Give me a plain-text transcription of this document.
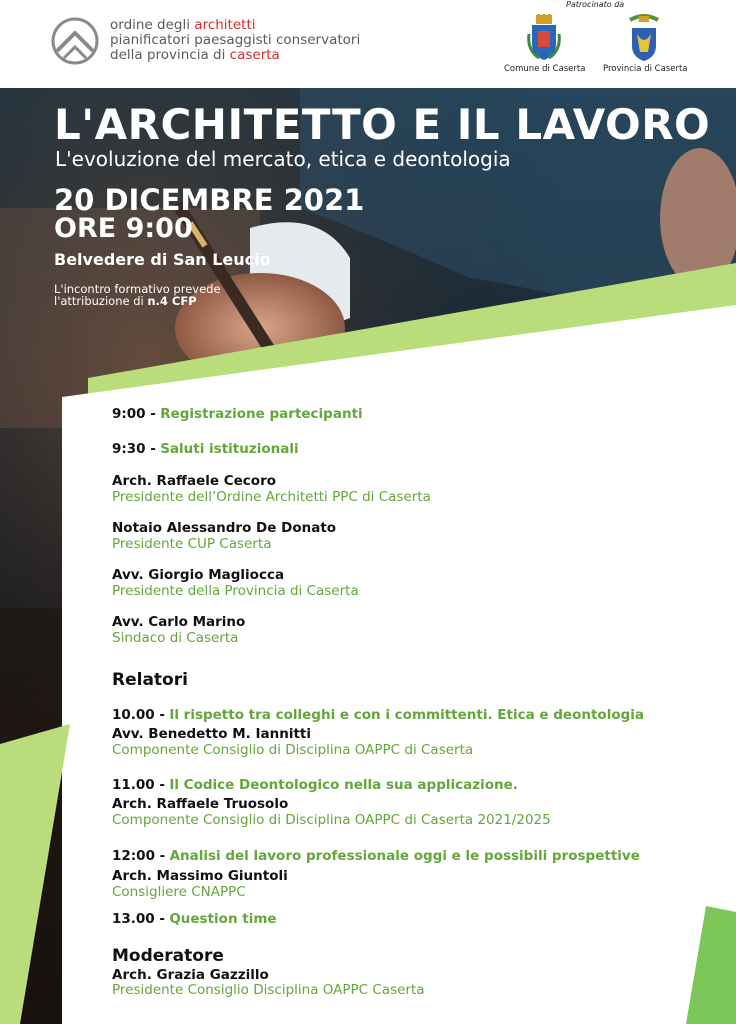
ordine degli architetti
pianificatori paesaggisti conservatori
della provincia di caserta
Patrocinato da
Comune di Caserta Provincia di Caserta
L'ARCHITETTO E IL LAVORO
L'evoluzione del mercato, etica e deontologia
20 DICEMBRE 2021
ORE 9:00
Belvedere di San Leucio
L'incontro formativo prevede
l'attribuzione di n.4 CFP
9:00 - Registrazione partecipanti
9:30 - Saluti istituzionali
Arch. Raffaele Cecoro
Presidente dell’Ordine Architetti PPC di Caserta
Notaio Alessandro De Donato
Presidente CUP Caserta
Avv. Giorgio Magliocca
Presidente della Provincia di Caserta
Avv. Carlo Marino
Sindaco di Caserta
Relatori
10.00 - Il rispetto tra colleghi e con i committenti. Etica e deontologia
Avv. Benedetto M. Iannitti
Componente Consiglio di Disciplina OAPPC di Caserta
11.00 - Il Codice Deontologico nella sua applicazione.
Arch. Raffaele Truosolo
Componente Consiglio di Disciplina OAPPC di Caserta 2021/2025
12:00 - Analisi del lavoro professionale oggi e le possibili prospettive
Arch. Massimo Giuntoli
Consigliere CNAPPC
13.00 - Question time
Moderatore
Arch. Grazia Gazzillo
Presidente Consiglio Disciplina OAPPC Caserta
